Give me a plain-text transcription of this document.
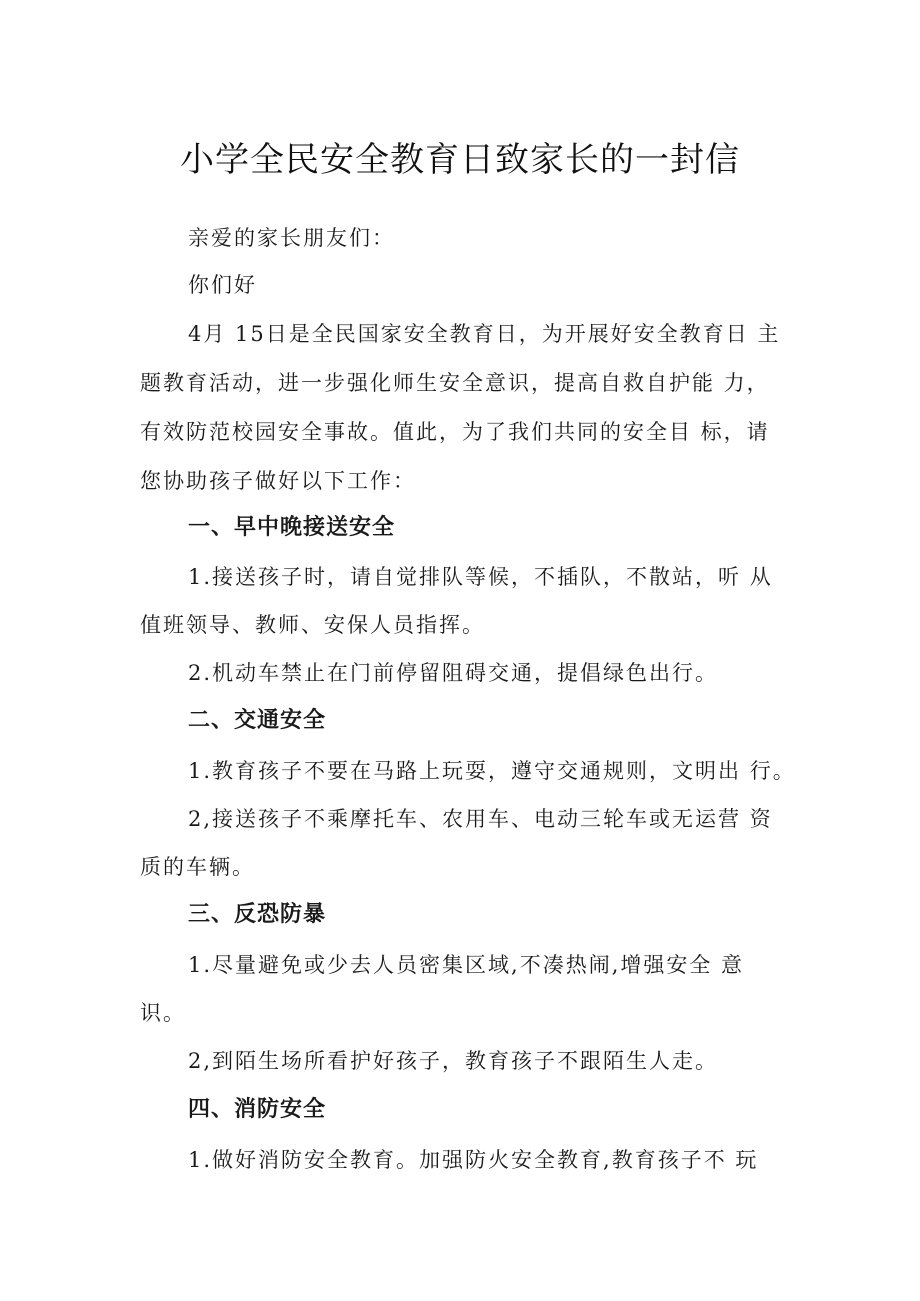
小学全民安全教育日致家长的一封信
亲爱的家长朋友们：
你们好
4月 15日是全民国家安全教育日，为开展好安全教育日 主
题教育活动，进一步强化师生安全意识，提高自救自护能 力，
有效防范校园安全事故。值此，为了我们共同的安全目 标，请
您协助孩子做好以下工作：
一、早中晚接送安全
1.接送孩子时，请自觉排队等候，不插队，不散站，听 从
值班领导、教师、安保人员指挥。
2.机动车禁止在门前停留阻碍交通，提倡绿色出行。
二、交通安全
1.教育孩子不要在马路上玩耍，遵守交通规则，文明出 行。
2,接送孩子不乘摩托车、农用车、电动三轮车或无运营 资
质的车辆。
三、反恐防暴
1.尽量避免或少去人员密集区域,不凑热闹,增强安全 意
识。
2,到陌生场所看护好孩子，教育孩子不跟陌生人走。
四、消防安全
1.做好消防安全教育。加强防火安全教育,教育孩子不 玩
